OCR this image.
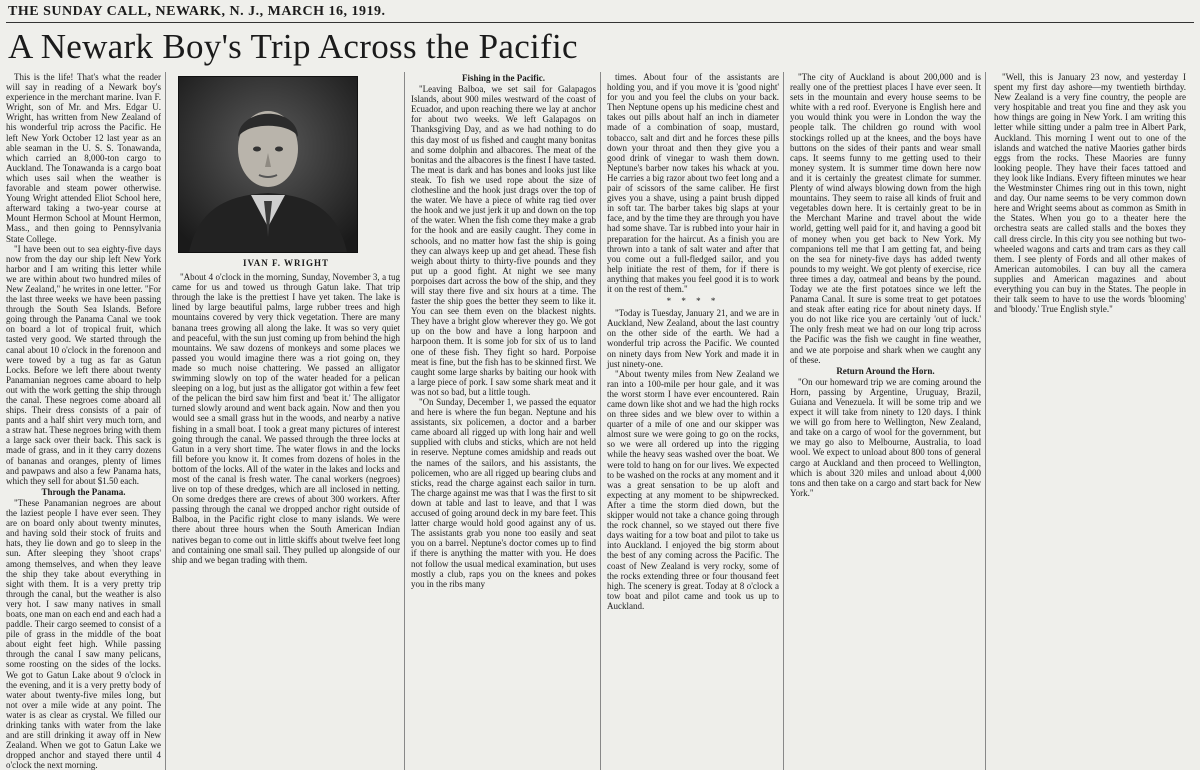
THE SUNDAY CALL, NEWARK, N. J., MARCH 16, 1919.
A Newark Boy's Trip Across the Pacific

This is the life! That's what the reader will say in reading of a Newark boy's experience in the merchant marine. Ivan F. Wright, son of Mr. and Mrs. Edgar U. Wright, has written from New Zealand of his wonderful trip across the Pacific. He left New York October 12 last year as an able seaman in the U. S. S. Tonawanda, which carried an 8,000-ton cargo to Auckland. The Tonawanda is a cargo boat which uses sail when the weather is favorable and steam power otherwise. Young Wright attended Eliot School here, afterward taking a two-year course at Mount Hermon School at Mount Hermon, Mass., and then going to Pennsylvania State College.

"I have been out to sea eighty-five days now from the day our ship left New York harbor and I am writing this letter while we are within about two hundred miles of New Zealand," he writes in one letter. "For the last three weeks we have been passing through the South Sea Islands. Before going through the Panama Canal we took on board a lot of tropical fruit, which tasted very good. We started through the canal about 10 o'clock in the forenoon and were towed by a tug as far as Gatun Locks. Before we left there about twenty Panamanian negroes came aboard to help out with the work getting the ship through the canal. These negroes come aboard all ships. Their dress consists of a pair of pants and a half shirt very much torn, and a straw hat. These negroes bring with them a large sack over their back. This sack is made of grass, and in it they carry dozens of bananas and oranges, plenty of limes and pawpaws and also a few Panama hats, which they sell for about $1.50 each.

Through the Panama.

"These Panamanian negroes are about the laziest people I have ever seen. They are on board only about twenty minutes, and having sold their stock of fruits and hats, they lie down and go to sleep in the sun. After sleeping they 'shoot craps' among themselves, and when they leave the ship they take about everything in sight with them. It is a very pretty trip through the canal, but the weather is also very hot. I saw many natives in small boats, one man on each end and each had a paddle. Their cargo seemed to consist of a pile of grass in the middle of the boat about eight feet high. While passing through the canal I saw many pelicans, some roosting on the sides of the locks. We got to Gatun Lake about 9 o'clock in the evening, and it is a very pretty body of water about twenty-five miles long, but not over a mile wide at any point. The water is as clear as crystal. We filled our drinking tanks with water from the lake and are still drinking it away off in New Zealand. When we got to Gatun Lake we dropped anchor and stayed there until 4 o'clock the next morning.

IVAN F. WRIGHT

"About 4 o'clock in the morning, Sunday, November 3, a tug came for us and towed us through Gatun lake. That trip through the lake is the prettiest I have yet taken. The lake is lined by large beautiful palms, large rubber trees and high mountains covered by very thick vegetation. There are many banana trees growing all along the lake. It was so very quiet and peaceful, with the sun just coming up from behind the high mountains. We saw dozens of monkeys and some places we passed you would imagine there was a riot going on, they made so much noise chattering. We passed an alligator swimming slowly on top of the water headed for a pelican sleeping on a log, but just as the alligator got within a few feet of the pelican the bird saw him first and 'beat it.' The alligator turned slowly around and went back again. Now and then you would see a small grass hut in the woods, and nearby a native fishing in a small boat. I took a great many pictures of interest going through the canal. We passed through the three locks at Gatun in a very short time. The water flows in and the locks fill before you know it. It comes from dozens of holes in the bottom of the locks. All of the water in the lakes and locks and most of the canal is fresh water. The canal workers (negroes) live on top of these dredges, which are all inclosed in netting. On some dredges there are crews of about 300 workers. After passing through the canal we dropped anchor right outside of Balboa, in the Pacific right close to many islands. We were there about three hours when the South American Indian natives began to come out in little skiffs about twelve feet long and containing one small sail. They pulled up alongside of our ship and we began trading with them.

Fishing in the Pacific.

"Leaving Balboa, we set sail for Galapagos Islands, about 900 miles westward of the coast of Ecuador, and upon reaching there we lay at anchor for about two weeks. We left Galapagos on Thanksgiving Day, and as we had nothing to do this day most of us fished and caught many bonitas and some dolphin and albacores. The meat of the bonitas and the albacores is the finest I have tasted. The meat is dark and has bones and looks just like steak. To fish we used rope about the size of clothesline and the hook just drags over the top of the water. We have a piece of white rag tied over the hook and we just jerk it up and down on the top of the water. When the fish come they make a grab for the hook and are easily caught. They come in schools, and no matter how fast the ship is going they can always keep up and get ahead. These fish weigh about thirty to thirty-five pounds and they put up a good fight. At night we see many porpoises dart across the bow of the ship, and they will stay there five and six hours at a time. The faster the ship goes the better they seem to like it. You can see them even on the blackest nights. They have a bright glow wherever they go. We got up on the bow and have a long harpoon and harpoon them. It is some job for six of us to land one of these fish. They fight so hard. Porpoise meat is fine, but the fish has to be skinned first. We caught some large sharks by baiting our hook with a large piece of pork. I saw some shark meat and it was not so bad, but a little tough.

"On Sunday, December 1, we passed the equator and here is where the fun began. Neptune and his assistants, six policemen, a doctor and a barber came aboard all rigged up with long hair and well supplied with clubs and sticks, which are not held in reserve. Neptune comes amidship and reads out the names of the sailors, and his assistants, the policemen, who are all rigged up bearing clubs and sticks, read the charge against each sailor in turn. The charge against me was that I was the first to sit down at table and last to leave, and that I was accused of going around deck in my bare feet. This latter charge would hold good against any of us. The assistants grab you none too easily and seat you on a barrel. Neptune's doctor comes up to find if there is anything the matter with you. He does not follow the usual medical examination, but uses mostly a club, raps you on the knees and pokes you in the ribs many

times. About four of the assistants are holding you, and if you move it is 'good night' for you and you feel the clubs on your back. Then Neptune opens up his medicine chest and takes out pills about half an inch in diameter made of a combination of soap, mustard, tobacco, salt and dirt and he forces these pills down your throat and then they give you a good drink of vinegar to wash them down. Neptune's barber now takes his whack at you. He carries a big razor about two feet long and a pair of scissors of the same caliber. He first gives you a shave, using a paint brush dipped in soft tar. The barber takes big slaps at your face, and by the time they are through you have had some shave. Tar is rubbed into your hair in preparation for the haircut. As a finish you are thrown into a tank of salt water and after that you come out a full-fledged sailor, and you help initiate the rest of them, for if there is anything that makes you feel good it is to work it on the rest of them."

* * * *

"Today is Tuesday, January 21, and we are in Auckland, New Zealand, about the last country on the other side of the earth. We had a wonderful trip across the Pacific. We counted on ninety days from New York and made it in just ninety-one.

"About twenty miles from New Zealand we ran into a 100-mile per hour gale, and it was the worst storm I have ever encountered. Rain came down like shot and we had the high rocks on three sides and we blew over to within a quarter of a mile of one and our skipper was almost sure we were going to go on the rocks, so we were all ordered up into the rigging while the heavy seas washed over the boat. We were told to hang on for our lives. We expected to be washed on the rocks at any moment and it was a great sensation to be up aloft and expecting at any moment to be shipwrecked. After a time the storm died down, but the skipper would not take a chance going through the rock channel, so we stayed out there five days waiting for a tow boat and pilot to take us into Auckland. I enjoyed the big storm about the best of any coming across the Pacific. The coast of New Zealand is very rocky, some of the rocks extending three or four thousand feet high. The scenery is great. Today at 8 o'clock a tow boat and pilot came and took us up to Auckland.

"The city of Auckland is about 200,000 and is really one of the prettiest places I have ever seen. It sets in the mountain and every house seems to be white with a red roof. Everyone is English here and you would think you were in London the way the people talk. The children go round with wool stockings rolled up at the knees, and the boys have buttons on the sides of their pants and wear small caps. It seems funny to me getting used to their money system. It is summer time down here now and it is certainly the greatest climate for summer. Plenty of wind always blowing down from the high mountains. They seem to raise all kinds of fruit and vegetables down here. It is certainly great to be in the Merchant Marine and travel about the wide world, getting well paid for it, and having a good bit of money when you get back to New York. My companions tell me that I am getting fat, and being on the sea for ninety-five days has added twenty pounds to my weight. We got plenty of exercise, rice three times a day, oatmeal and beans by the pound. Today we ate the first potatoes since we left the Panama Canal. It sure is some treat to get potatoes and steak after eating rice for about ninety days. If you do not like rice you are certainly 'out of luck.' The only fresh meat we had on our long trip across the Pacific was the fish we caught in fine weather, and we ate porpoise and shark when we caught any of these.

Return Around the Horn.

"On our homeward trip we are coming around the Horn, passing by Argentine, Uruguay, Brazil, Guiana and Venezuela. It will be some trip and we expect it will take from ninety to 120 days. I think we will go from here to Wellington, New Zealand, and take on a cargo of wool for the government, but we may go also to Melbourne, Australia, to load wool. We expect to unload about 800 tons of general cargo at Auckland and then proceed to Wellington, which is about 320 miles and unload about 4,000 tons and then take on a cargo and start back for New York."

"Well, this is January 23 now, and yesterday I spent my first day ashore—my twentieth birthday. New Zealand is a very fine country, the people are very hospitable and treat you fine and they ask you how things are going in New York. I am writing this letter while sitting under a palm tree in Albert Park, Auckland. This morning I went out to one of the islands and watched the native Maories gather birds eggs from the rocks. These Maories are funny looking people. They have their faces tattoed and they look like Indians. Every fifteen minutes we hear the Westminster Chimes ring out in this town, night and day. Our name seems to be very common down here and Wright seems about as common as Smith in the States. When you go to a theater here the orchestra seats are called stalls and the boxes they call dress circle. In this city you see nothing but two-wheeled wagons and carts and tram cars as they call them. I see plenty of Fords and all other makes of American automobiles. I can buy all the camera supplies and American magazines and about everything you can buy in the States. The people in their talk seem to have to use the words 'blooming' and 'bloody.' True English style."
